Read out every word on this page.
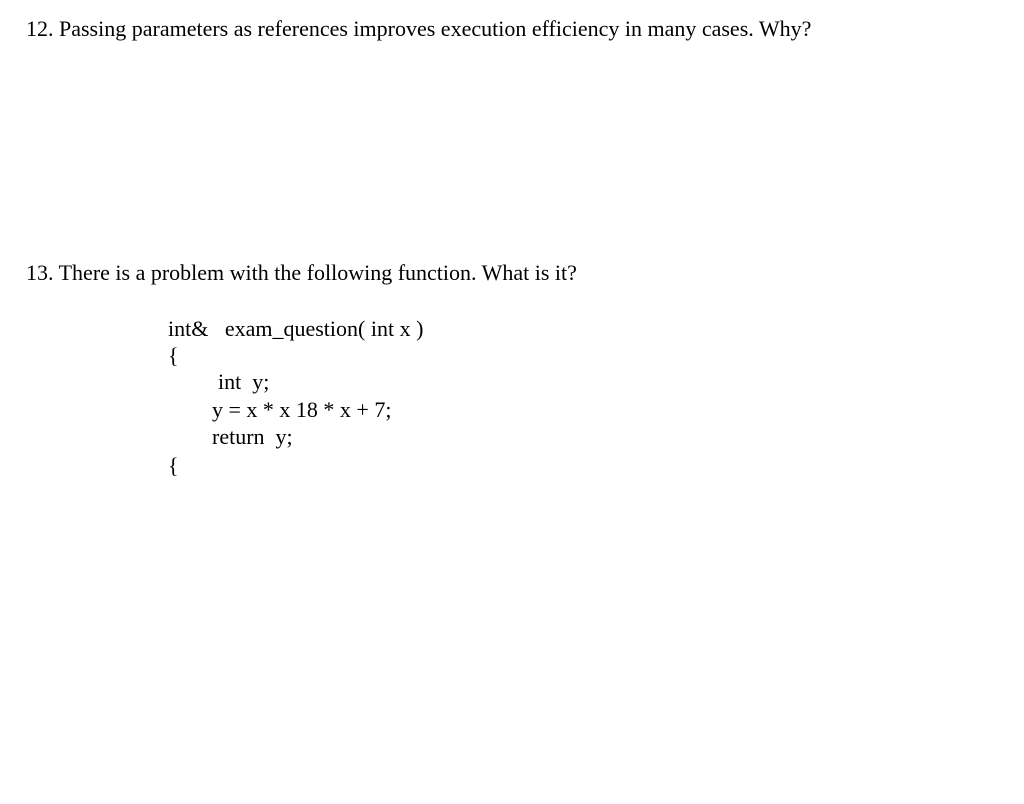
12. Passing parameters as references improves execution efficiency in many cases. Why?

13. There is a problem with the following function. What is it?

int&   exam_question( int x )

{

int  y;

y = x * x 18 * x + 7;

return  y;

{
